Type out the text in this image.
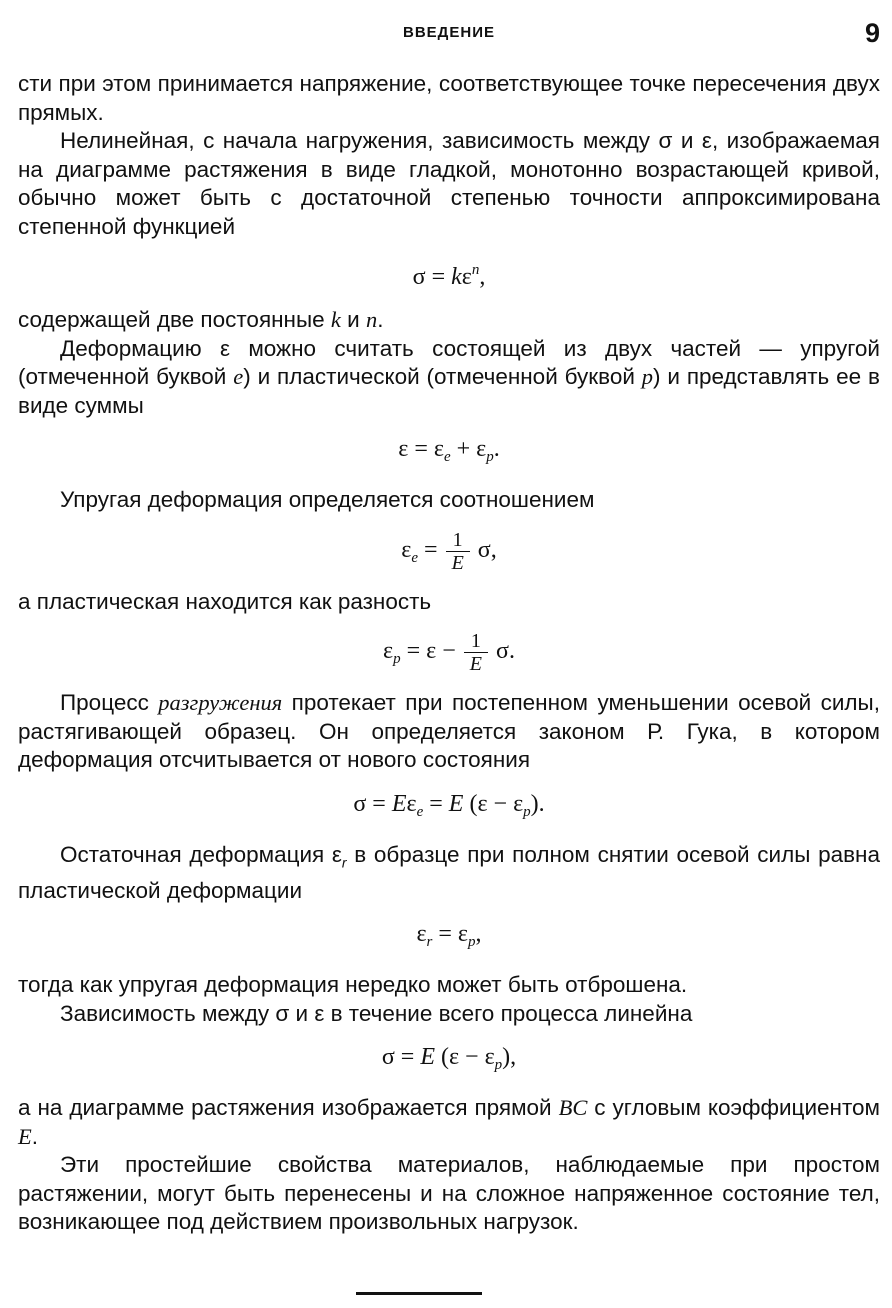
ВВЕДЕНИЕ	9

сти при этом принимается напряжение, соответствующее точке пересечения двух прямых.

Нелинейная, с начала нагружения, зависимость между σ и ε, изображаемая на диаграмме растяжения в виде гладкой, монотонно возрастающей кривой, обычно может быть с достаточной степенью точности аппроксимирована степенной функцией

$\sigma = k\varepsilon^n$,

содержащей две постоянные k и n.

Деформацию ε можно считать состоящей из двух частей — упругой (отмеченной буквой e) и пластической (отмеченной буквой p) и представлять ее в виде суммы

$\varepsilon = \varepsilon_e + \varepsilon_p$.

Упругая деформация определяется соотношением

$\varepsilon_e = \frac{1}{E} \sigma$,

а пластическая находится как разность

$\varepsilon_p = \varepsilon - \frac{1}{E} \sigma$.

Процесс разгружения протекает при постепенном уменьшении осевой силы, растягивающей образец. Он определяется законом Р. Гука, в котором деформация отсчитывается от нового состояния

$\sigma = E\varepsilon_e = E$ $(\varepsilon - \varepsilon_p)$.

Остаточная деформация $\varepsilon_r$ в образце при полном снятии осевой силы равна пластической деформации

$\varepsilon_r = \varepsilon_p$,

тогда как упругая деформация нередко может быть отброшена.

Зависимость между σ и ε в течение всего процесса линейна

σ = E $(\varepsilon - \varepsilon_p)$,

а на диаграмме растяжения изображается прямой BC с угловым коэффициентом E.

Эти простейшие свойства материалов, наблюдаемые при простом растяжении, могут быть перенесены и на сложное напряженное состояние тел, возникающее под действием произвольных нагрузок.
